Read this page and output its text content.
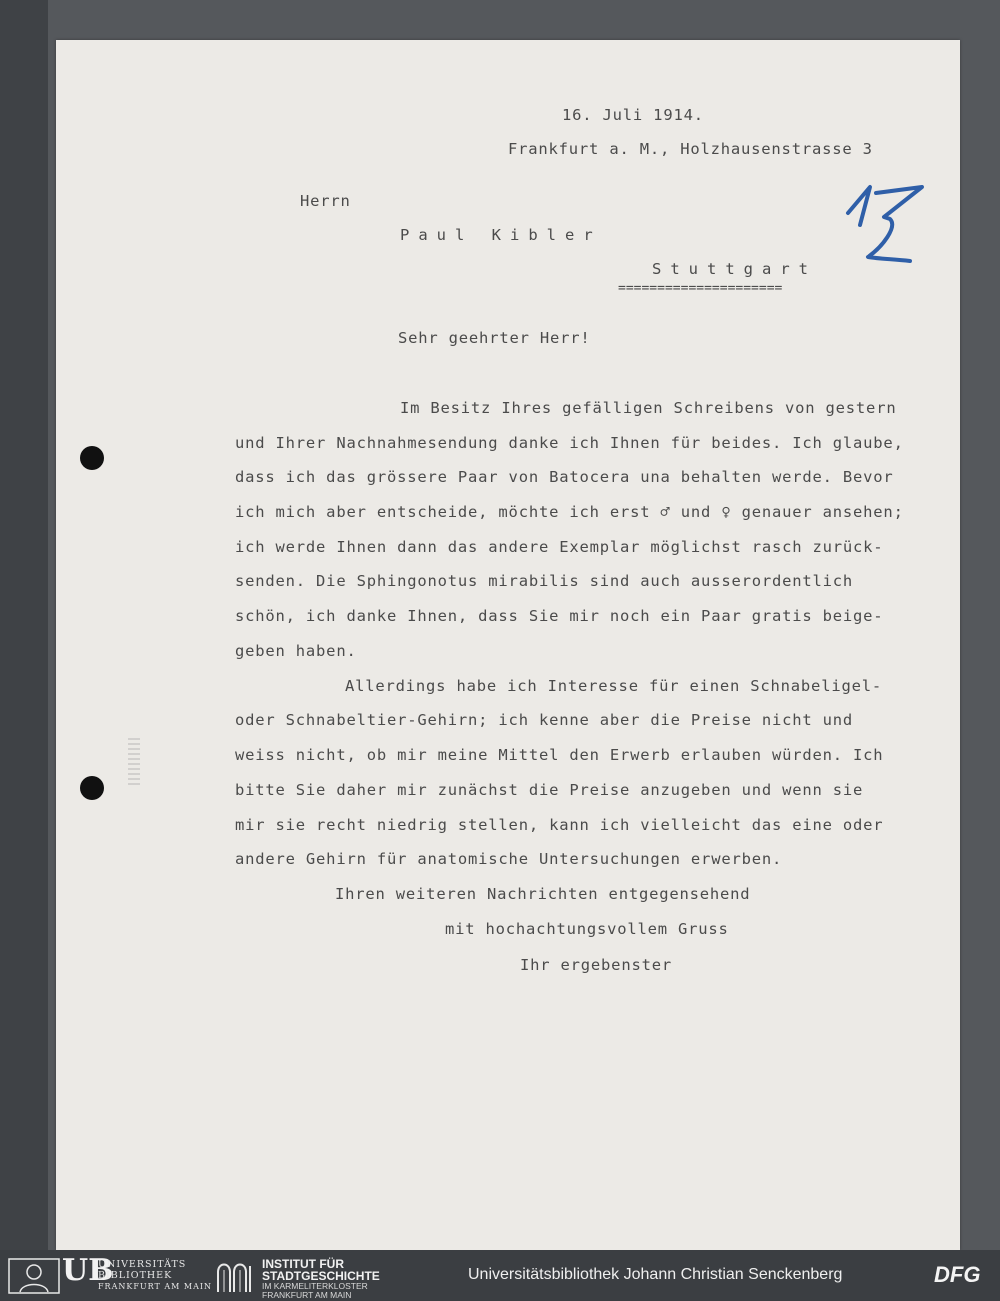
16. Juli 1914.
Frankfurt a. M., Holzhausenstrasse 3
Herrn
Paul Kibler
Stuttgart
=====================
Sehr geehrter Herr!
Im Besitz Ihres gefälligen Schreibens von gestern
und Ihrer Nachnahmesendung danke ich Ihnen für beides. Ich glaube,
dass ich das grössere Paar von Batocera una behalten werde. Bevor
ich mich aber entscheide, möchte ich erst ♂ und ♀ genauer ansehen;
ich werde Ihnen dann das andere Exemplar möglichst rasch zurück-
senden. Die Sphingonotus mirabilis sind auch ausserordentlich
schön, ich danke Ihnen, dass Sie mir noch ein Paar gratis beige-
geben haben.
Allerdings habe ich Interesse für einen Schnabeligel-
oder Schnabeltier-Gehirn; ich kenne aber die Preise nicht und
weiss nicht, ob mir meine Mittel den Erwerb erlauben würden. Ich
bitte Sie daher mir zunächst die Preise anzugeben und wenn sie
mir sie recht niedrig stellen, kann ich vielleicht das eine oder
andere Gehirn für anatomische Untersuchungen erwerben.
Ihren weiteren Nachrichten entgegensehend
mit hochachtungsvollem Gruss
Ihr ergebenster
UB
UNIVERSITÄTS
BIBLIOTHEK
FRANKFURT AM MAIN
INSTITUT FÜR
STADTGESCHICHTE
IM KARMELITERKLOSTER
FRANKFURT AM MAIN
Universitätsbibliothek Johann Christian Senckenberg	DFG
